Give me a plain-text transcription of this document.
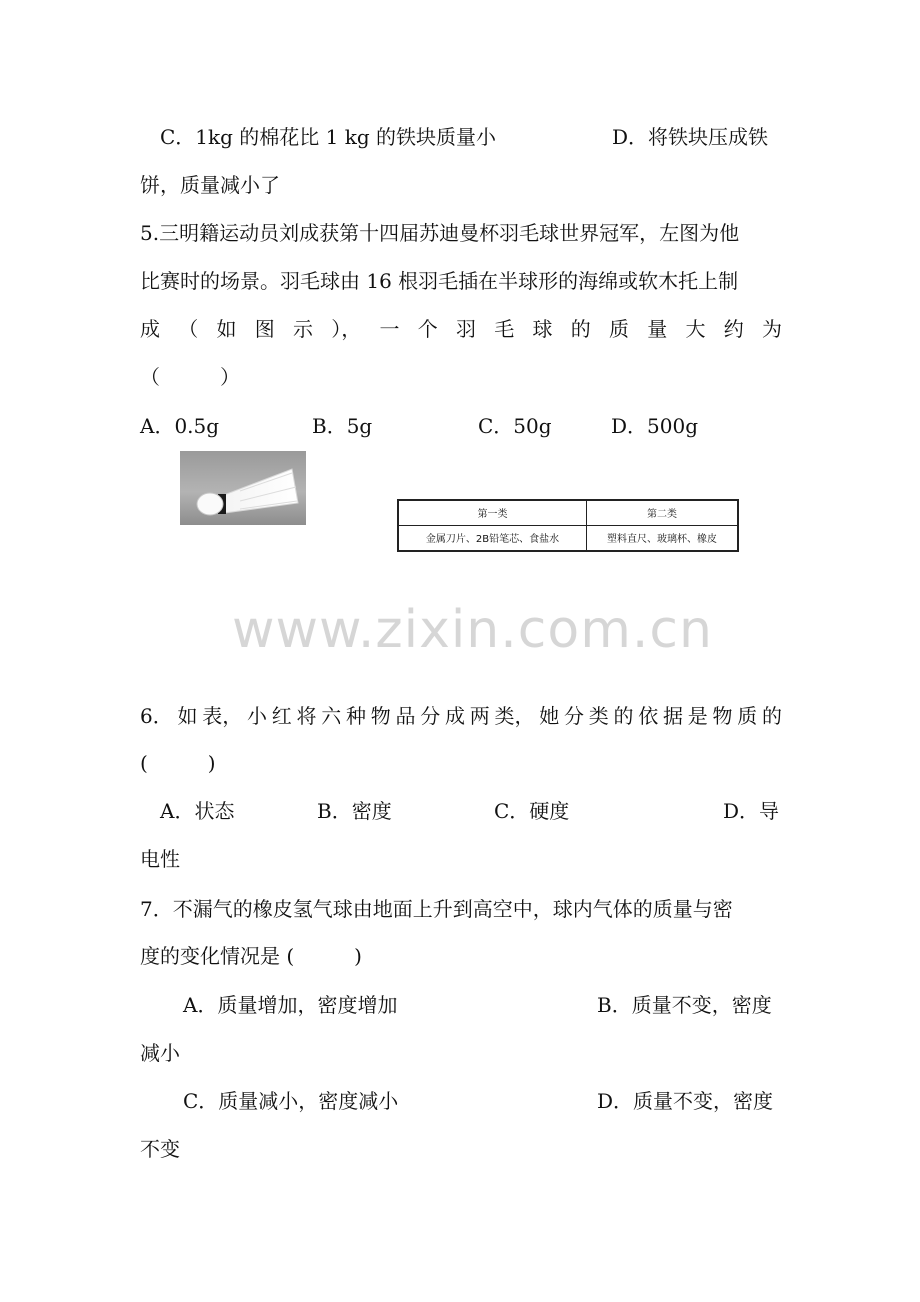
C．1kg 的棉花比 1 kg 的铁块质量小	D．将铁块压成铁
饼，质量减小了
5.三明籍运动员刘成获第十四届苏迪曼杯羽毛球世界冠军，左图为他
比赛时的场景。羽毛球由 16 根羽毛插在半球形的海绵或软木托上制
成 （ 如 图 示 ）， 一 个 羽 毛 球 的 质 量 大 约 为
（　　　）
A．0.5g	B．5g	C．50g	D．500g
第一类	第二类
金属刀片、2B铅笔芯、食盐水	塑料直尺、玻璃杯、橡皮
www.zixin.com.cn
6． 如 表， 小 红 将 六 种 物 品 分 成 两 类， 她 分 类 的 依 据 是 物 质 的
(　　　)
A．状态	B．密度	C．硬度	D．导
电性
7．不漏气的橡皮氢气球由地面上升到高空中，球内气体的质量与密
度的变化情况是 (　　　)
A．质量增加，密度增加	B．质量不变，密度
减小
C．质量减小，密度减小	D．质量不变，密度
不变
